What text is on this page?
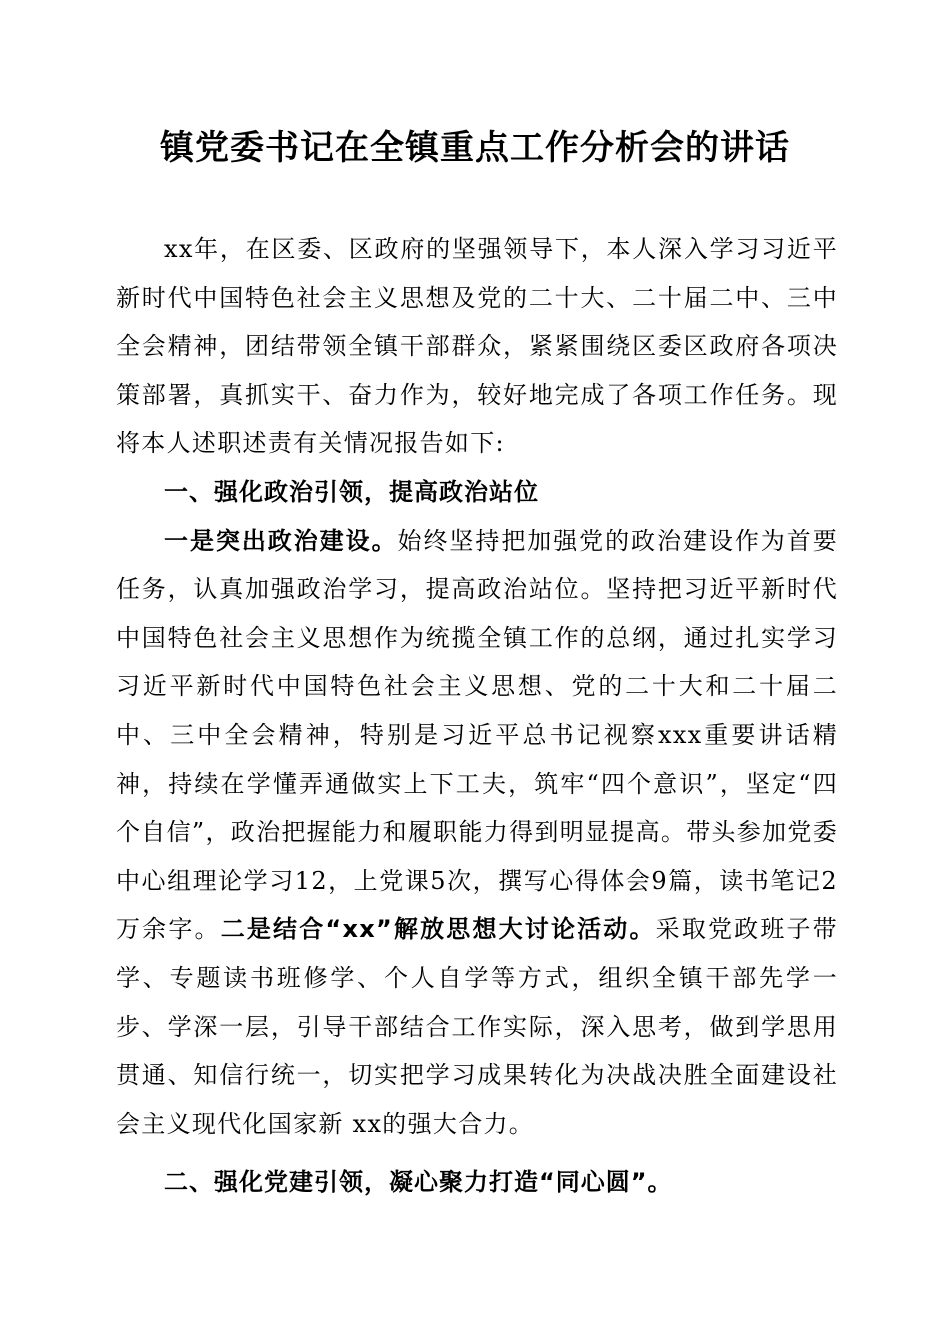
镇党委书记在全镇重点工作分析会的讲话

xx年，在区委、区政府的坚强领导下，本人深入学习习近平新时代中国特色社会主义思想及党的二十大、二十届二中、三中全会精神，团结带领全镇干部群众，紧紧围绕区委区政府各项决策部署，真抓实干、奋力作为，较好地完成了各项工作任务。现将本人述职述责有关情况报告如下:

一、强化政治引领，提高政治站位

一是突出政治建设。始终坚持把加强党的政治建设作为首要任务，认真加强政治学习，提高政治站位。坚持把习近平新时代中国特色社会主义思想作为统揽全镇工作的总纲，通过扎实学习习近平新时代中国特色社会主义思想、党的二十大和二十届二中、三中全会精神，特别是习近平总书记视察xxx重要讲话精神，持续在学懂弄通做实上下工夫，筑牢“四个意识”，坚定“四个自信”，政治把握能力和履职能力得到明显提高。带头参加党委中心组理论学习12，上党课5次，撰写心得体会9篇，读书笔记2万余字。二是结合“xx”解放思想大讨论活动。采取党政班子带学、专题读书班修学、个人自学等方式，组织全镇干部先学一步、学深一层，引导干部结合工作实际，深入思考，做到学思用贯通、知信行统一，切实把学习成果转化为决战决胜全面建设社会主义现代化国家新 xx的强大合力。

二、强化党建引领，凝心聚力打造“同心圆”。
